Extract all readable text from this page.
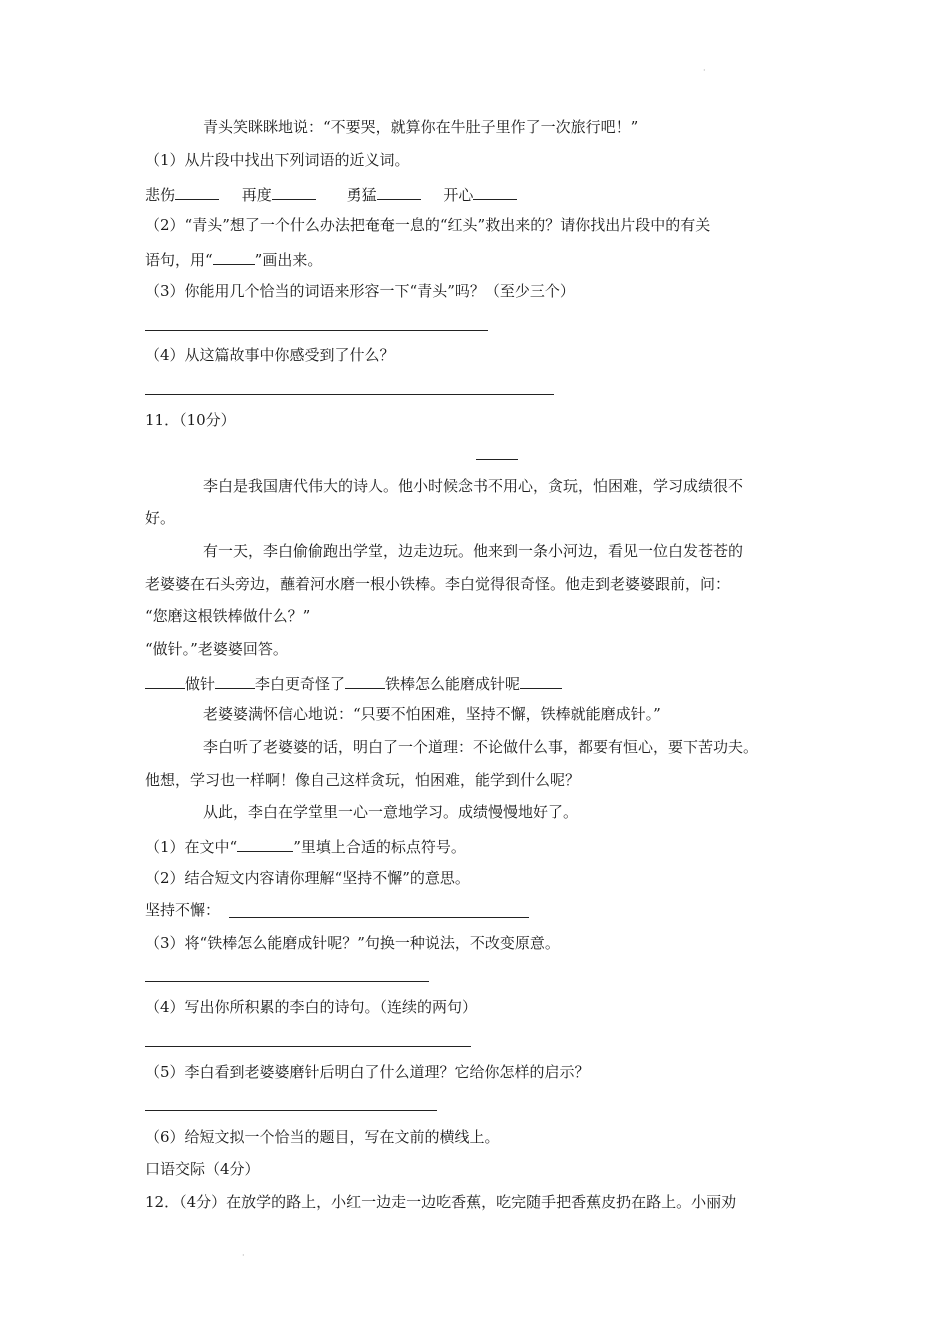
·
青头笑眯眯地说：“不要哭，就算你在牛肚子里作了一次旅行吧！”
（1）从片段中找出下列词语的近义词。
悲伤	再度	勇猛	开心
（2）“青头”想了一个什么办法把奄奄一息的“红头”救出来的？请你找出片段中的有关
语句，用“	”画出来。
（3）你能用几个恰当的词语来形容一下“青头”吗？（至少三个）
（4）从这篇故事中你感受到了什么？
11．（10分）
李白是我国唐代伟大的诗人。他小时候念书不用心，贪玩，怕困难，学习成绩很不
好。
有一天，李白偷偷跑出学堂，边走边玩。他来到一条小河边，看见一位白发苍苍的
老婆婆在石头旁边，蘸着河水磨一根小铁棒。李白觉得很奇怪。他走到老婆婆跟前，问：
“您磨这根铁棒做什么？”
“做针。”老婆婆回答。
做针	李白更奇怪了	铁棒怎么能磨成针呢
老婆婆满怀信心地说：“只要不怕困难，坚持不懈，铁棒就能磨成针。”
李白听了老婆婆的话，明白了一个道理：不论做什么事，都要有恒心，要下苦功夫。
他想，学习也一样啊！像自己这样贪玩，怕困难，能学到什么呢？
从此，李白在学堂里一心一意地学习。成绩慢慢地好了。
（1）在文中“	”里填上合适的标点符号。
（2）结合短文内容请你理解“坚持不懈”的意思。
坚持不懈：
（3）将“铁棒怎么能磨成针呢？”句换一种说法，不改变原意。
（4）写出你所积累的李白的诗句。（连续的两句）
（5）李白看到老婆婆磨针后明白了什么道理？它给你怎样的启示？
（6）给短文拟一个恰当的题目，写在文前的横线上。
口语交际（4分）
12．（4分）在放学的路上，小红一边走一边吃香蕉，吃完随手把香蕉皮扔在路上。小丽劝
·
